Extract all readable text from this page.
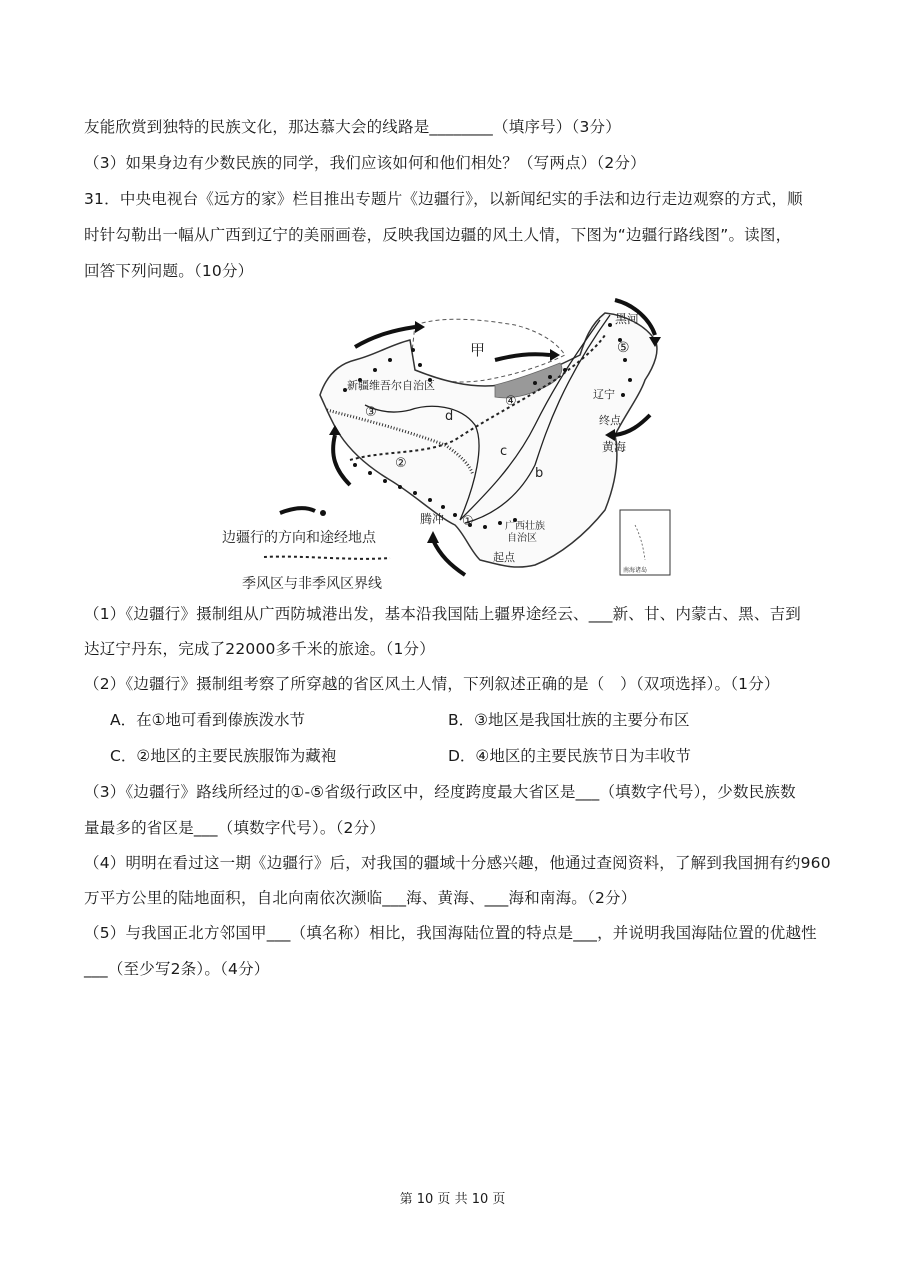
友能欣赏到独特的民族文化，那达慕大会的线路是________（填序号）（3分）
（3）如果身边有少数民族的同学，我们应该如何和他们相处？（写两点）（2分）
31．中央电视台《远方的家》栏目推出专题片《边疆行》，以新闻纪实的手法和边行走边观察的方式，顺
时针勾勒出一幅从广西到辽宁的美丽画卷，反映我国边疆的风土人情，下图为“边疆行路线图”。读图，
回答下列问题。（10分）
甲
黑河
⑤
新疆维吾尔自治区
④	辽宁
终点
黄海
③	d
c
b
②
腾冲 ①	广西壮族
自治区
起点
南海诸岛
边疆行的方向和途经地点
季风区与非季风区界线
（1）《边疆行》摄制组从广西防城港出发，基本沿我国陆上疆界途经云、___新、甘、内蒙古、黑、吉到
达辽宁丹东，完成了22000多千米的旅途。（1分）
（2）《边疆行》摄制组考察了所穿越的省区风土人情，下列叙述正确的是（　）（双项选择）。（1分）
A．在①地可看到傣族泼水节	B．③地区是我国壮族的主要分布区
C．②地区的主要民族服饰为藏袍	D．④地区的主要民族节日为丰收节
（3）《边疆行》路线所经过的①-⑤省级行政区中，经度跨度最大省区是___（填数字代号），少数民族数
量最多的省区是___（填数字代号）。（2分）
（4）明明在看过这一期《边疆行》后，对我国的疆域十分感兴趣，他通过查阅资料，了解到我国拥有约960
万平方公里的陆地面积，自北向南依次濒临___海、黄海、___海和南海。（2分）
（5）与我国正北方邻国甲___（填名称）相比，我国海陆位置的特点是___，并说明我国海陆位置的优越性
___（至少写2条）。（4分）
第 10 页 共 10 页
